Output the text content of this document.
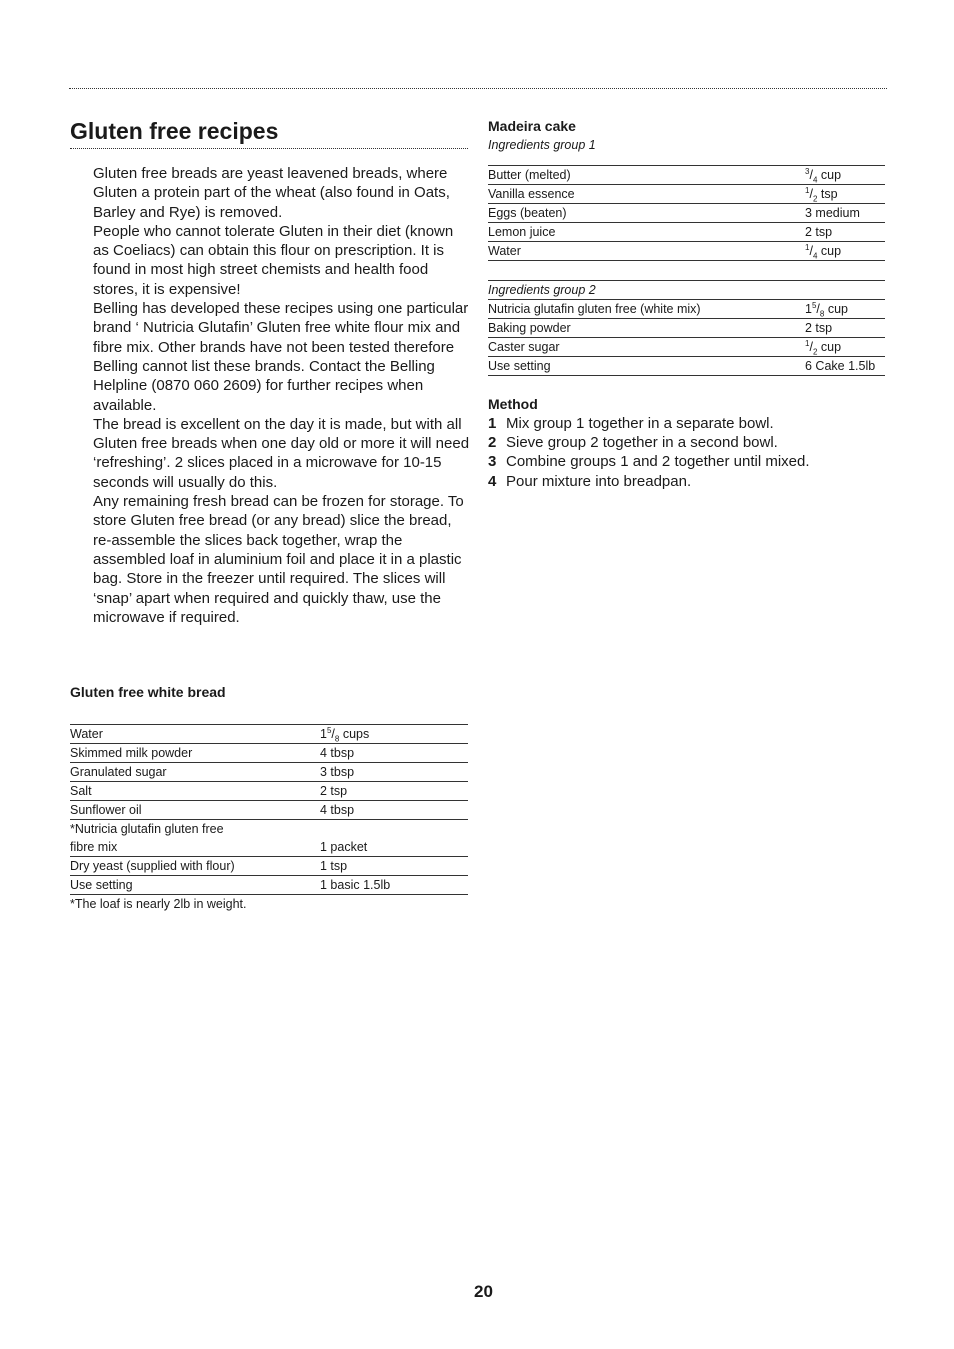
Gluten free recipes

Gluten free breads are yeast leavened breads, where Gluten a protein part of the wheat (also found in Oats, Barley and Rye) is removed.

People who cannot tolerate Gluten in their diet (known as Coeliacs) can obtain this flour on prescription. It is found in most high street chemists and health food stores, it is expensive!

Belling has developed these recipes using one particular brand ‘ Nutricia Glutafin’ Gluten free white flour mix and fibre mix. Other brands have not been tested therefore Belling cannot list these brands. Contact the Belling Helpline (0870 060 2609) for further recipes when available.

The bread is excellent on the day it is made, but with all Gluten free breads when one day old or more it will need ‘refreshing’. 2 slices placed in a microwave for 10-15 seconds will usually do this.

Any remaining fresh bread can be frozen for storage. To store Gluten free bread (or any bread) slice the bread, re-assemble the slices back together, wrap the assembled loaf in aluminium foil and place it in a plastic bag. Store in the freezer until required. The slices will ‘snap’ apart when required and quickly thaw, use the microwave if required.

Gluten free white bread
Water	$1^5/_8$ cups
Skimmed milk powder	4 tbsp
Granulated sugar	3 tbsp
Salt	2 tsp
Sunflower oil	4 tbsp
*Nutricia glutafin gluten free	
fibre mix	1 packet
Dry yeast (supplied with flour)	1 tsp
Use setting	1 basic 1.5lb
*The loaf is nearly 2lb in weight.
Madeira cake

Ingredients group 1

Butter (melted)	$^3/_4$ cup
Vanilla essence	$^1/_2$ tsp
Eggs (beaten)	3 medium
Lemon juice	2 tsp
Water	$^1/_4$ cup
Ingredients group 2	
Nutricia glutafin gluten free (white mix)	$1^5/_8$ cup
Baking powder	2 tsp
Caster sugar	$^1/_2$ cup
Use setting	6 Cake 1.5lb
Method
1 Mix group 1 together in a separate bowl.
2 Sieve group 2 together in a second bowl.
3 Combine groups 1 and 2 together until mixed.
4 Pour mixture into breadpan.
20
